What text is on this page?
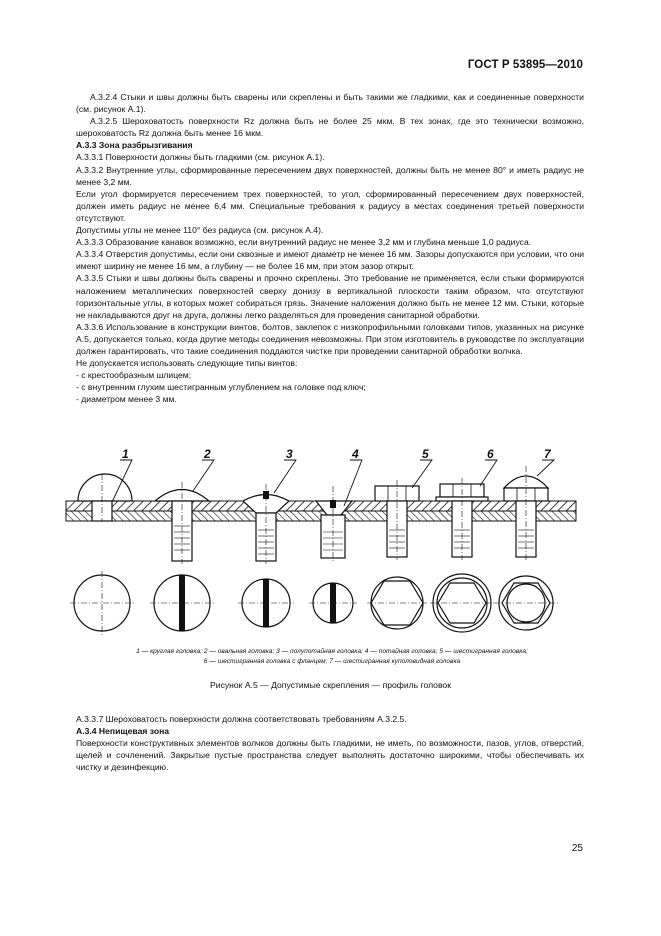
ГОСТ Р 53895—2010

А.3.2.4 Стыки и швы должны быть сварены или скреплены и быть такими же гладкими, как и соединенные поверхности (см. рисунок А.1).

А.3.2.5 Шероховатость поверхности Rz должна быть не более 25 мкм. В тех зонах, где это технически возможно, шероховатость Rz должна быть менее 16 мкм.

А.3.3 Зона разбрызгивания

А.3.3.1 Поверхности должны быть гладкими (см. рисунок А.1).

А.3.3.2 Внутренние углы, сформированные пересечением двух поверхностей, должны быть не менее 80° и иметь радиус не менее 3,2 мм.

Если угол формируется пересечением трех поверхностей, то угол, сформированный пересечением двух поверхностей, должен иметь радиус не менее 6,4 мм. Специальные требования к радиусу в местах соединения третьей поверхности отсутствуют.

Допустимы углы не менее 110° без радиуса (см. рисунок А.4).

А.3.3.3 Образование канавок возможно, если внутренний радиус не менее 3,2 мм и глубина меньше 1,0 радиуса.

А.3.3.4 Отверстия допустимы, если они сквозные и имеют диаметр не менее 16 мм. Зазоры допускаются при условии, что они имеют ширину не менее 16 мм, а глубину — не более 16 мм, при этом зазор открыт.

А.3.3.5 Стыки и швы должны быть сварены и прочно скреплены. Это требование не применяется, если стыки формируются наложением металлических поверхностей сверху донизу в вертикальной плоскости таким образом, что отсутствуют горизонтальные углы, в которых может собираться грязь. Значение наложения должно быть не менее 12 мм. Стыки, которые не накладываются друг на друга, должны легко разделяться для проведения санитарной обработки.

А.3.3.6 Использование в конструкции винтов, болтов, заклепок с низкопрофильными головками типов, указанных на рисунке А.5, допускается только, когда другие методы соединения невозможны. При этом изготовитель в руководстве по эксплуатации должен гарантировать, что такие соединения поддаются чистке при проведении санитарной обработки волчка.

Не допускается использовать следующие типы винтов:

- с крестообразным шлицем;

- с внутренним глухим шестигранным углублением на головке под ключ;

- диаметром менее 3 мм.

1	2	3	4	5	6	7
1 — круглая головка; 2 — овальная головка; 3 — полупотайная головка; 4 — потайная головка; 5 — шестигранная головка;
6 — шестигранная головка с фланцем; 7 — шестигранная куполовидная головка
Рисунок А.5 — Допустимые скрепления — профиль головок

А.3.3.7 Шероховатость поверхности должна соответствовать требованиям А.3.2.5.

А.3.4 Непищевая зона

Поверхности конструктивных элементов волчков должны быть гладкими, не иметь, по возможности, пазов, углов, отверстий, щелей и сочленений. Закрытые пустые пространства следует выполнять достаточно широкими, чтобы обеспечивать их чистку и дезинфекцию.

25
